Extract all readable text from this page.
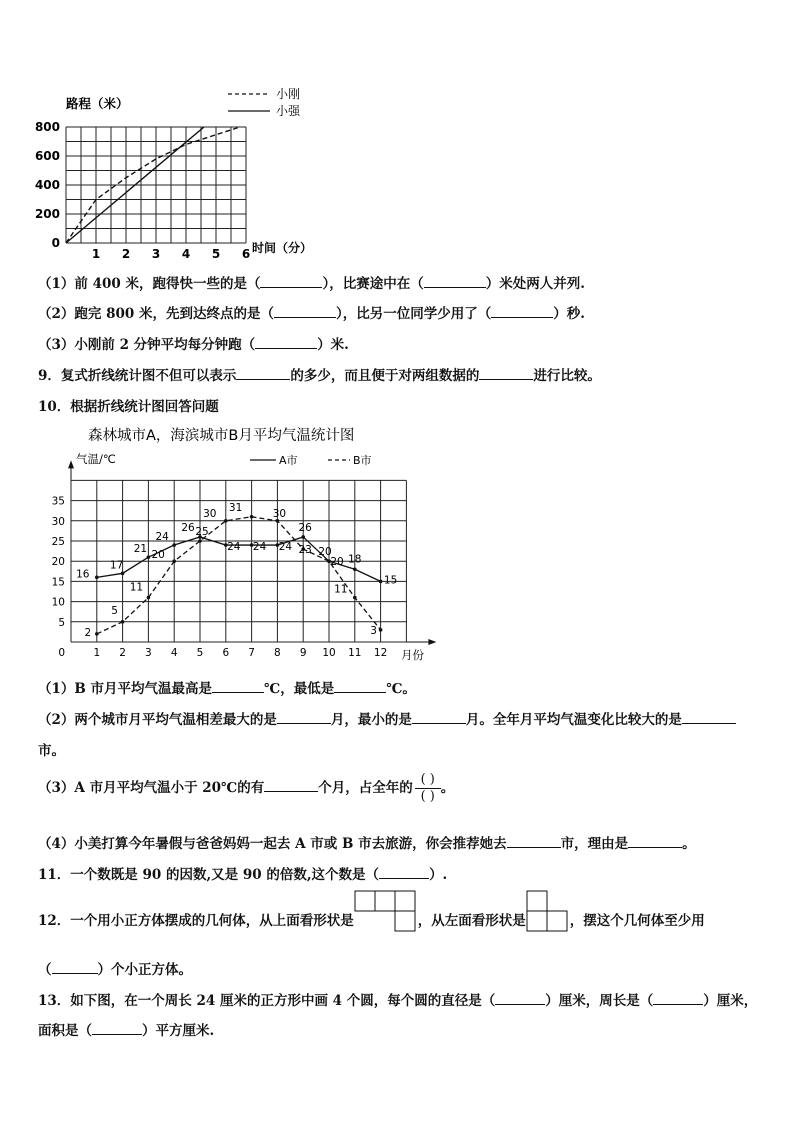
路程（米）
0
200
400
600
800
1 2 3 4 5 6
小刚
小强
时间（分）
（1）前 400 米，跑得快一些的是（	），比赛途中在（	）米处两人并列.
（2）跑完 800 米，先到达终点的是（	），比另一位同学少用了（	）秒.
（3）小刚前 2 分钟平均每分钟跑（	）米.
9．复式折线统计图不但可以表示	的多少，而且便于对两组数据的	进行比较。
10．根据折线统计图回答问题
森林城市A，海滨城市B月平均气温统计图
气温/℃
0
5
10
15
20
25
30
35
1 2 3 4 5 6 7 8 9 10 11 12
16
17
21
24
26
24 24 24
26
20
18
15
2
5
11
20
25
30
31
30
23
20
11
3
A市	B市
月份
（1）B 市月平均气温最高是	℃，最低是	℃。
（2）两个城市月平均气温相差最大的是	月，最小的是	月。全年月平均气温变化比较大的是
市。
（3）A 市月平均气温小于 20℃的有	个月，占全年的 $\frac{( )}{( )}$ 。
（4）小美打算今年暑假与爸爸妈妈一起去 A 市或 B 市去旅游，你会推荐她去	市，理由是	。
11．一个数既是 90 的因数,又是 90 的倍数,这个数是（	）.
12．一个用小正方体摆成的几何体，从上面看形状是	，从左面看形状是	，摆这个几何体至少用
（	）个小正方体。
13．如下图，在一个周长 24 厘米的正方形中画 4 个圆，每个圆的直径是（	）厘米，周长是（	）厘米，
面积是（	）平方厘米.
